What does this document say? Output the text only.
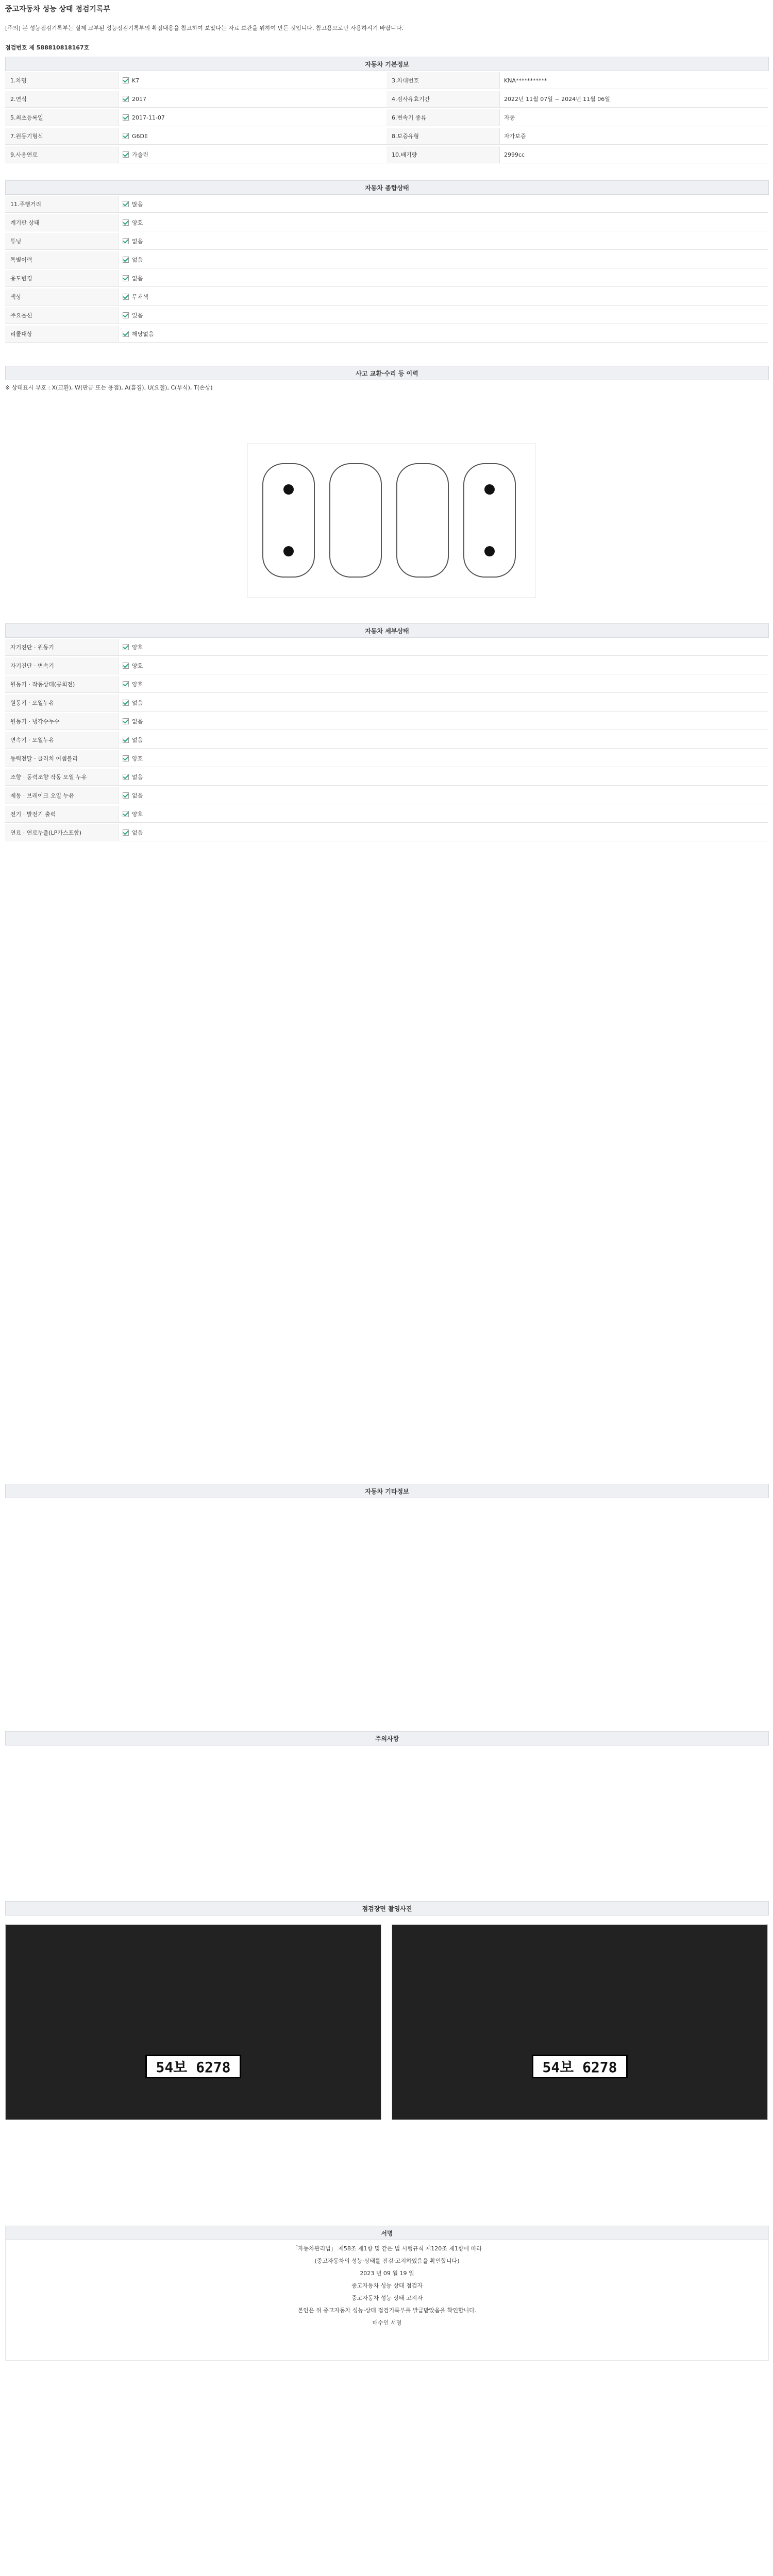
중고자동차 성능 상태 점검기록부
[주의] 본 성능점검기록부는 실제 교부된 성능점검기록부의 확점내용을 참고하여 보았다는 자료 보관을 위하여 만든 것입니다. 참고용으로만 사용하시기 바랍니다.
점검번호 제 588810818167호
자동차 기본정보
1.차명	K7	3.차대번호	KNA***********
2.연식	2017	4.검사유효기간	2022년 11월 07일 ~ 2024년 11월 06일
5.최초등록일	2017-11-07	6.변속기 종류	자동
7.원동기형식	G6DE	8.보증유형	자가보증
9.사용연료	가솔린	10.배기량	2999cc
자동차 종합상태
11.주행거리	많음
계기판 상태	양호
튜닝	없음
특별이력	없음
용도변경	없음
색상	무채색
주요옵션	있음
리콜대상	해당없음
사고 교환·수리 등 이력
※ 상태표시 부호 : X(교환), W(판금 또는 용접), A(흠집), U(요철), C(부식), T(손상)
자동차 세부상태
자기진단 · 원동기	양호
자기진단 · 변속기	양호
원동기 · 작동상태(공회전)	양호
원동기 · 오일누유	없음
원동기 · 냉각수누수	없음
변속기 · 오일누유	없음
동력전달 · 클러치 어셈블리	양호
조향 · 동력조향 작동 오일 누유	없음
제동 · 브레이크 오일 누유	없음
전기 · 발전기 출력	양호
연료 · 연료누출(LP가스포함)	없음
자동차 기타정보
주의사항
점검장면 촬영사진
54보 6278	54보 6278
서명
「자동차관리법」 제58조 제1항 및 같은 법 시행규칙 제120조 제1항에 따라
(중고자동차의 성능·상태를 점검·고지하였음을 확인합니다)
2023 년 09 월 19 일
중고자동차 성능 상태 점검자
중고자동차 성능 상태 고지자
본인은 위 중고자동차 성능·상태 점검기록부를 발급받았음을 확인합니다.
매수인 서명
